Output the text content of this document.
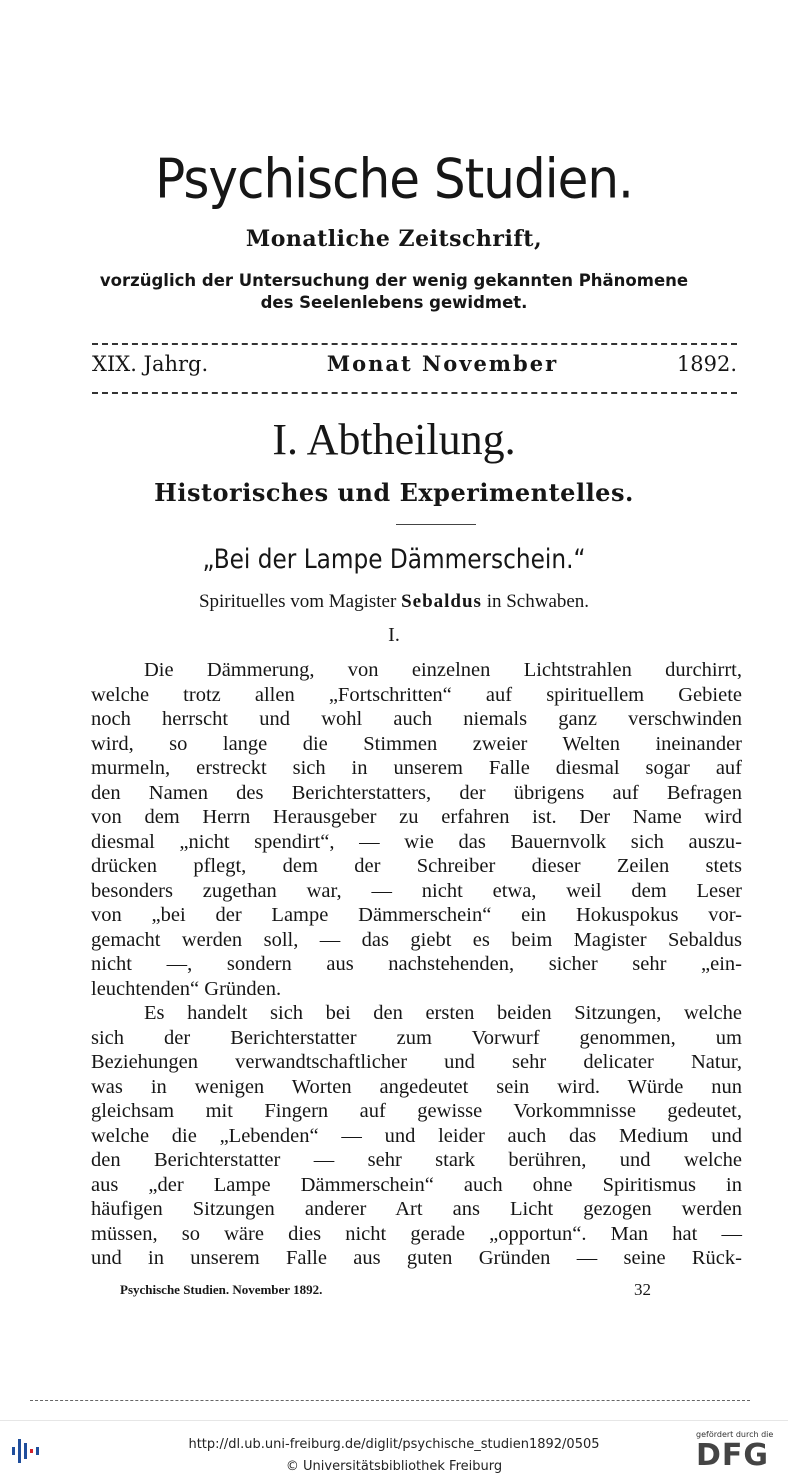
Psychische Studien.
Monatliche Zeitschrift,
vorzüglich der Untersuchung der wenig gekannten Phänomene
des Seelenlebens gewidmet.
XIX. Jahrg.	Monat November	1892.
I. Abtheilung.
Historisches und Experimentelles.
„Bei der Lampe Dämmerschein.“
Spirituelles vom Magister Sebaldus in Schwaben.
I.
Die Dämmerung, von einzelnen Lichtstrahlen durchirrt,
welche trotz allen „Fortschritten“ auf spirituellem Gebiete
noch herrscht und wohl auch niemals ganz verschwinden
wird, so lange die Stimmen zweier Welten ineinander
murmeln, erstreckt sich in unserem Falle diesmal sogar auf
den Namen des Berichterstatters, der übrigens auf Befragen
von dem Herrn Herausgeber zu erfahren ist. Der Name wird
diesmal „nicht spendirt“, — wie das Bauernvolk sich auszu-
drücken pflegt, dem der Schreiber dieser Zeilen stets
besonders zugethan war, — nicht etwa, weil dem Leser
von „bei der Lampe Dämmerschein“ ein Hokuspokus vor-
gemacht werden soll, — das giebt es beim Magister Sebaldus
nicht —, sondern aus nachstehenden, sicher sehr „ein-
leuchtenden“ Gründen.
Es handelt sich bei den ersten beiden Sitzungen, welche
sich der Berichterstatter zum Vorwurf genommen, um
Beziehungen verwandtschaftlicher und sehr delicater Natur,
was in wenigen Worten angedeutet sein wird. Würde nun
gleichsam mit Fingern auf gewisse Vorkommnisse gedeutet,
welche die „Lebenden“ — und leider auch das Medium und
den Berichterstatter — sehr stark berühren, und welche
aus „der Lampe Dämmerschein“ auch ohne Spiritismus in
häufigen Sitzungen anderer Art ans Licht gezogen werden
müssen, so wäre dies nicht gerade „opportun“. Man hat —
und in unserem Falle aus guten Gründen — seine Rück-
Psychische Studien. November 1892.	32
http://dl.ub.uni-freiburg.de/diglit/psychische_studien1892/0505
© Universitätsbibliothek Freiburg
gefördert durch die
DFG
